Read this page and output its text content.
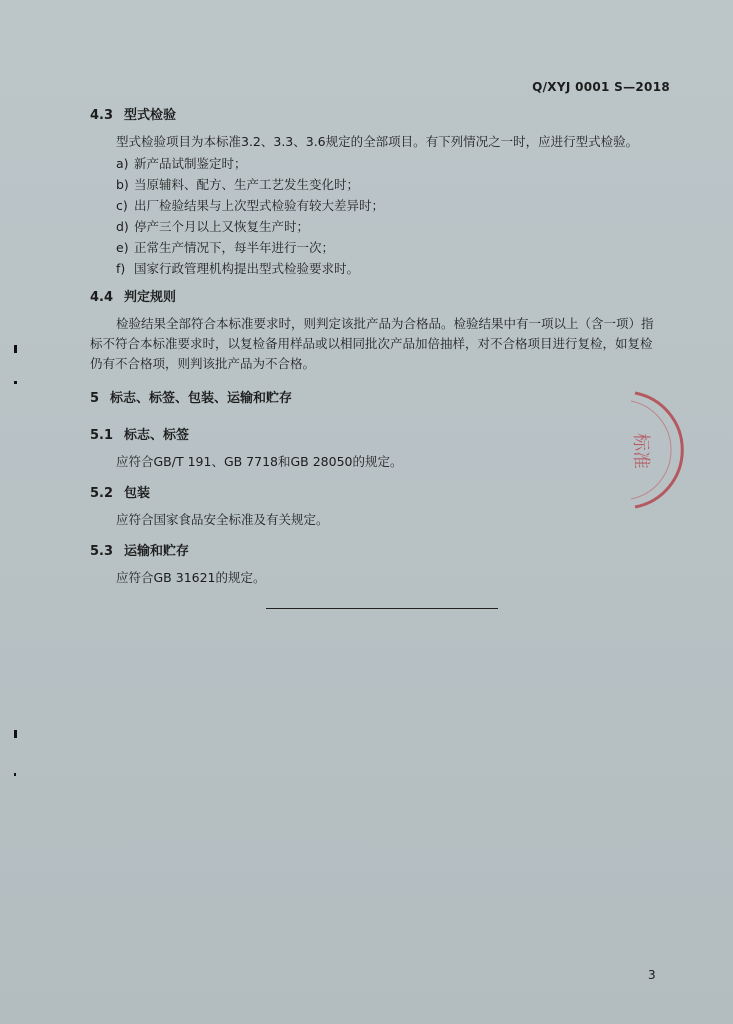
Q/XYJ 0001 S—2018
4.3 型式检验
型式检验项目为本标准3.2、3.3、3.6规定的全部项目。有下列情况之一时，应进行型式检验。
a) 新产品试制鉴定时；
b) 当原辅料、配方、生产工艺发生变化时；
c) 出厂检验结果与上次型式检验有较大差异时；
d) 停产三个月以上又恢复生产时；
e) 正常生产情况下，每半年进行一次；
f) 国家行政管理机构提出型式检验要求时。
4.4 判定规则
检验结果全部符合本标准要求时，则判定该批产品为合格品。检验结果中有一项以上（含一项）指
标不符合本标准要求时，以复检备用样品或以相同批次产品加倍抽样，对不合格项目进行复检，如复检
仍有不合格项，则判该批产品为不合格。
5 标志、标签、包装、运输和贮存
5.1 标志、标签
应符合GB/T 191、GB 7718和GB 28050的规定。
5.2 包装
应符合国家食品安全标准及有关规定。
5.3 运输和贮存
应符合GB 31621的规定。
标准
3
